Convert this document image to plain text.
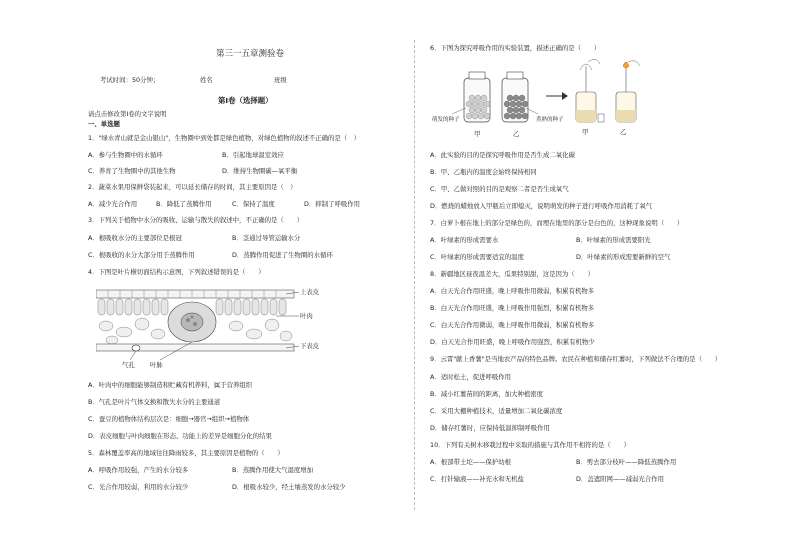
第三一五章测验卷
考试时间：50分钟；	姓名	班级
第I卷（选择题）
请点击修改第I卷的文字说明
一、单选题
1．"绿水青山就是金山银山"，生物圈中到处都是绿色植物，对绿色植物的叙述不正确的是（　）
A．参与生物圈中的水循环	B．引起地球温室效应
C．养育了生物圈中的其他生物	D．维持生物圈碳—氧平衡
2．蔬菜水果用保鲜袋装起来，可以延长储存的时间，其主要原因是（　）
A．减少光合作用	B．降低了蒸腾作用	C．保持了温度	D．抑制了呼吸作用
3．下列关于植物中水分的吸收、运输与散失的叙述中，不正确的是（　　）
A．根吸收水分的主要部位是根冠	B．茎通过导管运输水分
C．根吸收的水分大部分用于蒸腾作用	D．蒸腾作用促进了生物圈的水循环
4．下图是叶片横切面结构示意图，下列叙述错误的是（　　）
上表皮
叶肉
下表皮
气孔 叶脉
A．叶肉中的细胞能够制造和贮藏有机养料，属于营养组织
B．气孔是叶片气体交换和散失水分的主要通道
C．蚕豆的植物体结构层次是：细胞→器官→组织→植物体
D．表皮细胞与叶肉细胞在形态、功能上的差异是细胞分化的结果
5．森林覆盖率高的地域往往降雨较多，其主要原因是植物的（　　）
A．呼吸作用较强，产生的水分较多	B．蒸腾作用使大气湿度增加
C．光合作用较弱，利用的水分较少	D．根吸水较少，经土壤蒸发的水分较少
6．下图为探究呼吸作用的实验装置，描述正确的是（　　）
萌发的种子
甲	乙
煮熟的种子
甲	乙
A．此实验的目的是探究呼吸作用是否生成二氧化碳
B．甲、乙瓶内的温度会始终保持相同
C．甲、乙做对照的目的是观察二者是否生成氧气
D．燃烧的蜡烛放入甲瓶后立即熄灭，说明萌发的种子进行呼吸作用消耗了氧气
7．白萝卜根在地上的部分是绿色的，而埋在地里的部分是白色的，这种现象说明（　　）
A．叶绿素的形成需要水	B．叶绿素的形成需要阳光
C．叶绿素的形成需要适宜的温度	D．叶绿素的形成需要新鲜的空气
8．新疆地区昼夜温差大，瓜果特别甜，这是因为（　　）
A．白天光合作用旺盛，晚上呼吸作用微弱，积累有机物多
B．白天光合作用旺盛，晚上呼吸作用强烈，积累有机物多
C．白天光合作用微弱，晚上呼吸作用微弱，积累有机物多
D．白天光合作用旺盛，晚上呼吸作用强烈，积累有机物少
9．云霄"献上香薯"是当地农产品的特色品牌。农民在种植和储存红薯时，下列做法不合理的是（　　）
A．适时松土，促进呼吸作用
B．减小红薯苗间的距离，加大种植密度
C．采用大棚种植技术，适量增加二氧化碳浓度
D．储存红薯时，应保持低温抑制呼吸作用
10．下列有关树木移栽过程中采取的措施与其作用不相符的是（　　）
A．根部带土坨——保护幼根	B．剪去部分枝叶——降低蒸腾作用
C．打针输液——补充水和无机盐	D．盖遮阳网——减弱光合作用
